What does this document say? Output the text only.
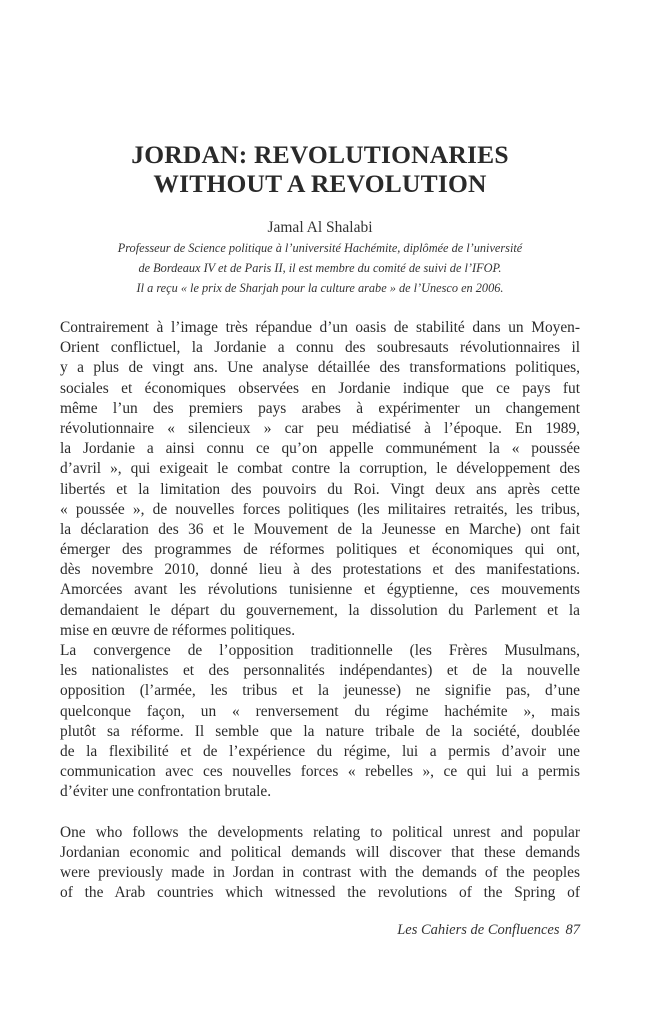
JORDAN: REVOLUTIONARIES
WITHOUT A REVOLUTION
Jamal Al Shalabi
Professeur de Science politique à l’université Hachémite, diplômée de l’université
de Bordeaux IV et de Paris II, il est membre du comité de suivi de l’IFOP.
Il a reçu « le prix de Sharjah pour la culture arabe » de l’Unesco en 2006.
Contrairement à l’image très répandue d’un oasis de stabilité dans un Moyen-
Orient conflictuel, la Jordanie a connu des soubresauts révolutionnaires il
y a plus de vingt ans. Une analyse détaillée des transformations politiques,
sociales et économiques observées en Jordanie indique que ce pays fut
même l’un des premiers pays arabes à expérimenter un changement
révolutionnaire « silencieux » car peu médiatisé à l’époque. En 1989,
la Jordanie a ainsi connu ce qu’on appelle communément la « poussée
d’avril », qui exigeait le combat contre la corruption, le développement des
libertés et la limitation des pouvoirs du Roi. Vingt deux ans après cette
« poussée », de nouvelles forces politiques (les militaires retraités, les tribus,
la déclaration des 36 et le Mouvement de la Jeunesse en Marche) ont fait
émerger des programmes de réformes politiques et économiques qui ont,
dès novembre 2010, donné lieu à des protestations et des manifestations.
Amorcées avant les révolutions tunisienne et égyptienne, ces mouvements
demandaient le départ du gouvernement, la dissolution du Parlement et la
mise en œuvre de réformes politiques.
La convergence de l’opposition traditionnelle (les Frères Musulmans,
les nationalistes et des personnalités indépendantes) et de la nouvelle
opposition (l’armée, les tribus et la jeunesse) ne signifie pas, d’une
quelconque façon, un « renversement du régime hachémite », mais
plutôt sa réforme. Il semble que la nature tribale de la société, doublée
de la flexibilité et de l’expérience du régime, lui a permis d’avoir une
communication avec ces nouvelles forces « rebelles », ce qui lui a permis
d’éviter une confrontation brutale.
One who follows the developments relating to political unrest and popular
Jordanian economic and political demands will discover that these demands
were previously made in Jordan in contrast with the demands of the peoples
of the Arab countries which witnessed the revolutions of the Spring of
Les Cahiers de Confluences 87
